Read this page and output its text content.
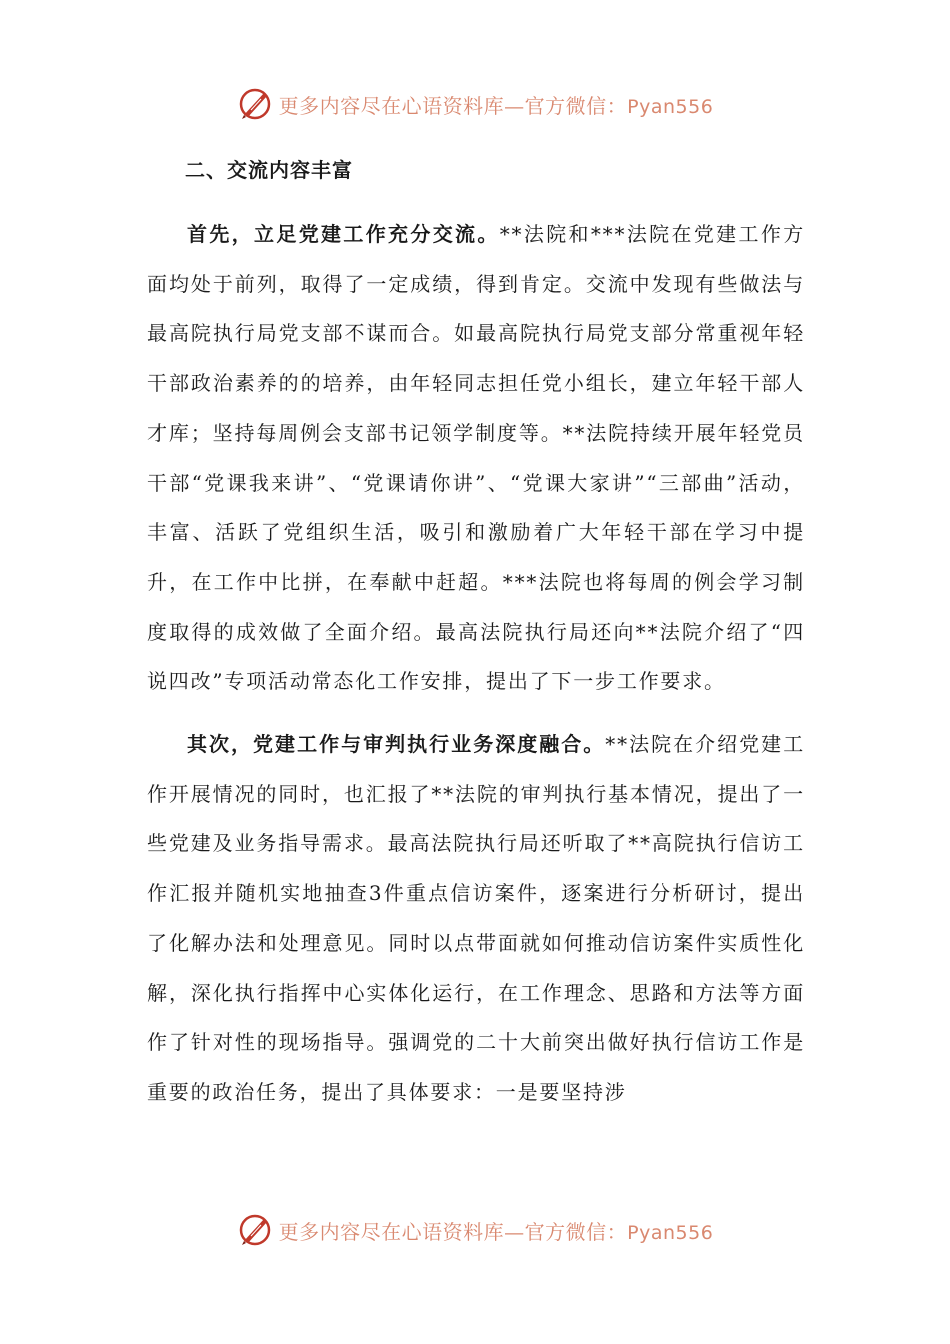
更多内容尽在心语资料库—官方微信：Pyan556
二、交流内容丰富

首先，立足党建工作充分交流。**法院和***法院在党建工作方面均处于前列，取得了一定成绩，得到肯定。交流中发现有些做法与最高院执行局党支部不谋而合。如最高院执行局党支部分常重视年轻干部政治素养的的培养，由年轻同志担任党小组长，建立年轻干部人才库；坚持每周例会支部书记领学制度等。**法院持续开展年轻党员干部“党课我来讲”、“党课请你讲”、“党课大家讲”“三部曲”活动，丰富、活跃了党组织生活，吸引和激励着广大年轻干部在学习中提升，在工作中比拼，在奉献中赶超。***法院也将每周的例会学习制度取得的成效做了全面介绍。最高法院执行局还向**法院介绍了“四说四改”专项活动常态化工作安排，提出了下一步工作要求。

其次，党建工作与审判执行业务深度融合。**法院在介绍党建工作开展情况的同时，也汇报了**法院的审判执行基本情况，提出了一些党建及业务指导需求。最高法院执行局还听取了**高院执行信访工作汇报并随机实地抽查3件重点信访案件，逐案进行分析研讨，提出了化解办法和处理意见。同时以点带面就如何推动信访案件实质性化解，深化执行指挥中心实体化运行，在工作理念、思路和方法等方面作了针对性的现场指导。强调党的二十大前突出做好执行信访工作是重要的政治任务，提出了具体要求：一是要坚持涉

更多内容尽在心语资料库—官方微信：Pyan556
